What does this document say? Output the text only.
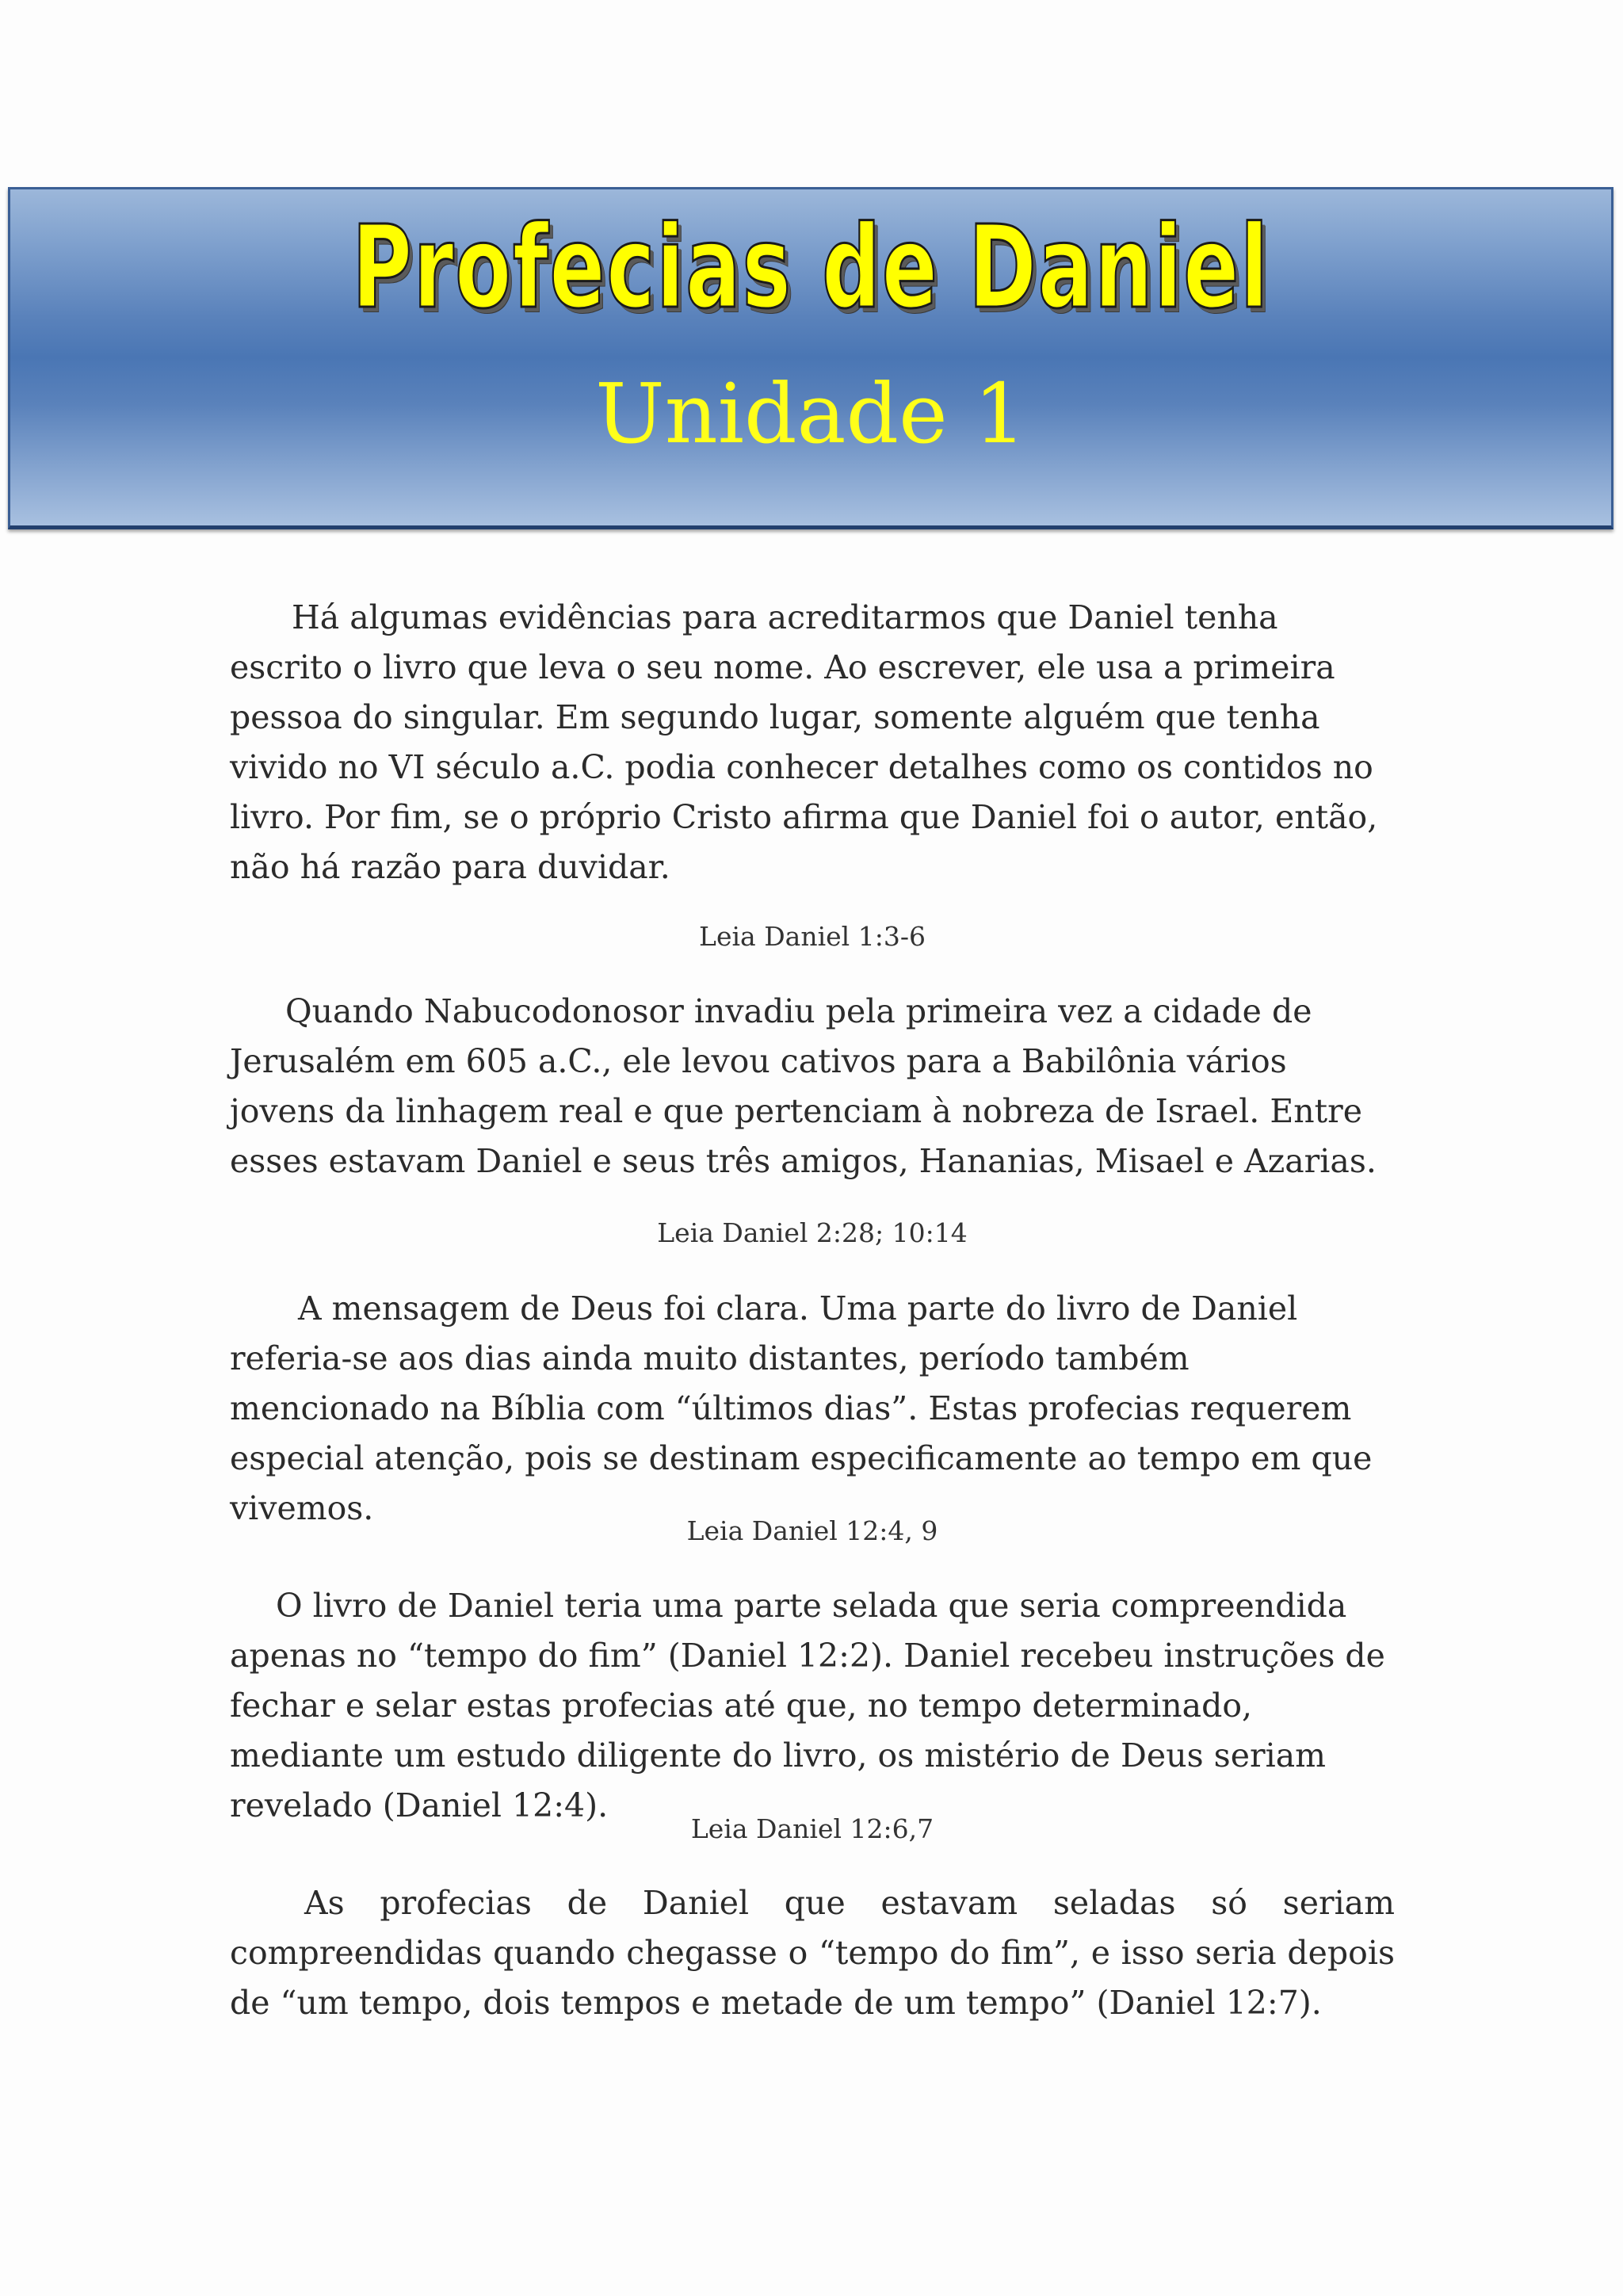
Profecias de Daniel
Unidade 1

Há algumas evidências para acreditarmos que Daniel tenha escrito o livro que leva o seu nome. Ao escrever, ele usa a primeira pessoa do singular. Em segundo lugar, somente alguém que tenha vivido no VI século a.C. podia conhecer detalhes como os contidos no livro. Por fim, se o próprio Cristo afirma que Daniel foi o autor, então, não há razão para duvidar.

Leia Daniel 1:3-6

Quando Nabucodonosor invadiu pela primeira vez a cidade de Jerusalém em 605 a.C., ele levou cativos para a Babilônia vários jovens da linhagem real e que pertenciam à nobreza de Israel. Entre esses estavam Daniel e seus três amigos, Hananias, Misael e Azarias.

Leia Daniel 2:28; 10:14

A mensagem de Deus foi clara. Uma parte do livro de Daniel referia-se aos dias ainda muito distantes, período também mencionado na Bíblia com “últimos dias”. Estas profecias requerem especial atenção, pois se destinam especificamente ao tempo em que vivemos.

Leia Daniel 12:4, 9

O livro de Daniel teria uma parte selada que seria compreendida apenas no “tempo do fim” (Daniel 12:2). Daniel recebeu instruções de fechar e selar estas profecias até que, no tempo determinado, mediante um estudo diligente do livro, os mistério de Deus seriam revelado (Daniel 12:4).

Leia Daniel 12:6,7

As profecias de Daniel que estavam seladas só seriam compreendidas quando chegasse o “tempo do fim”, e isso seria depois de “um tempo, dois tempos e metade de um tempo” (Daniel 12:7).
